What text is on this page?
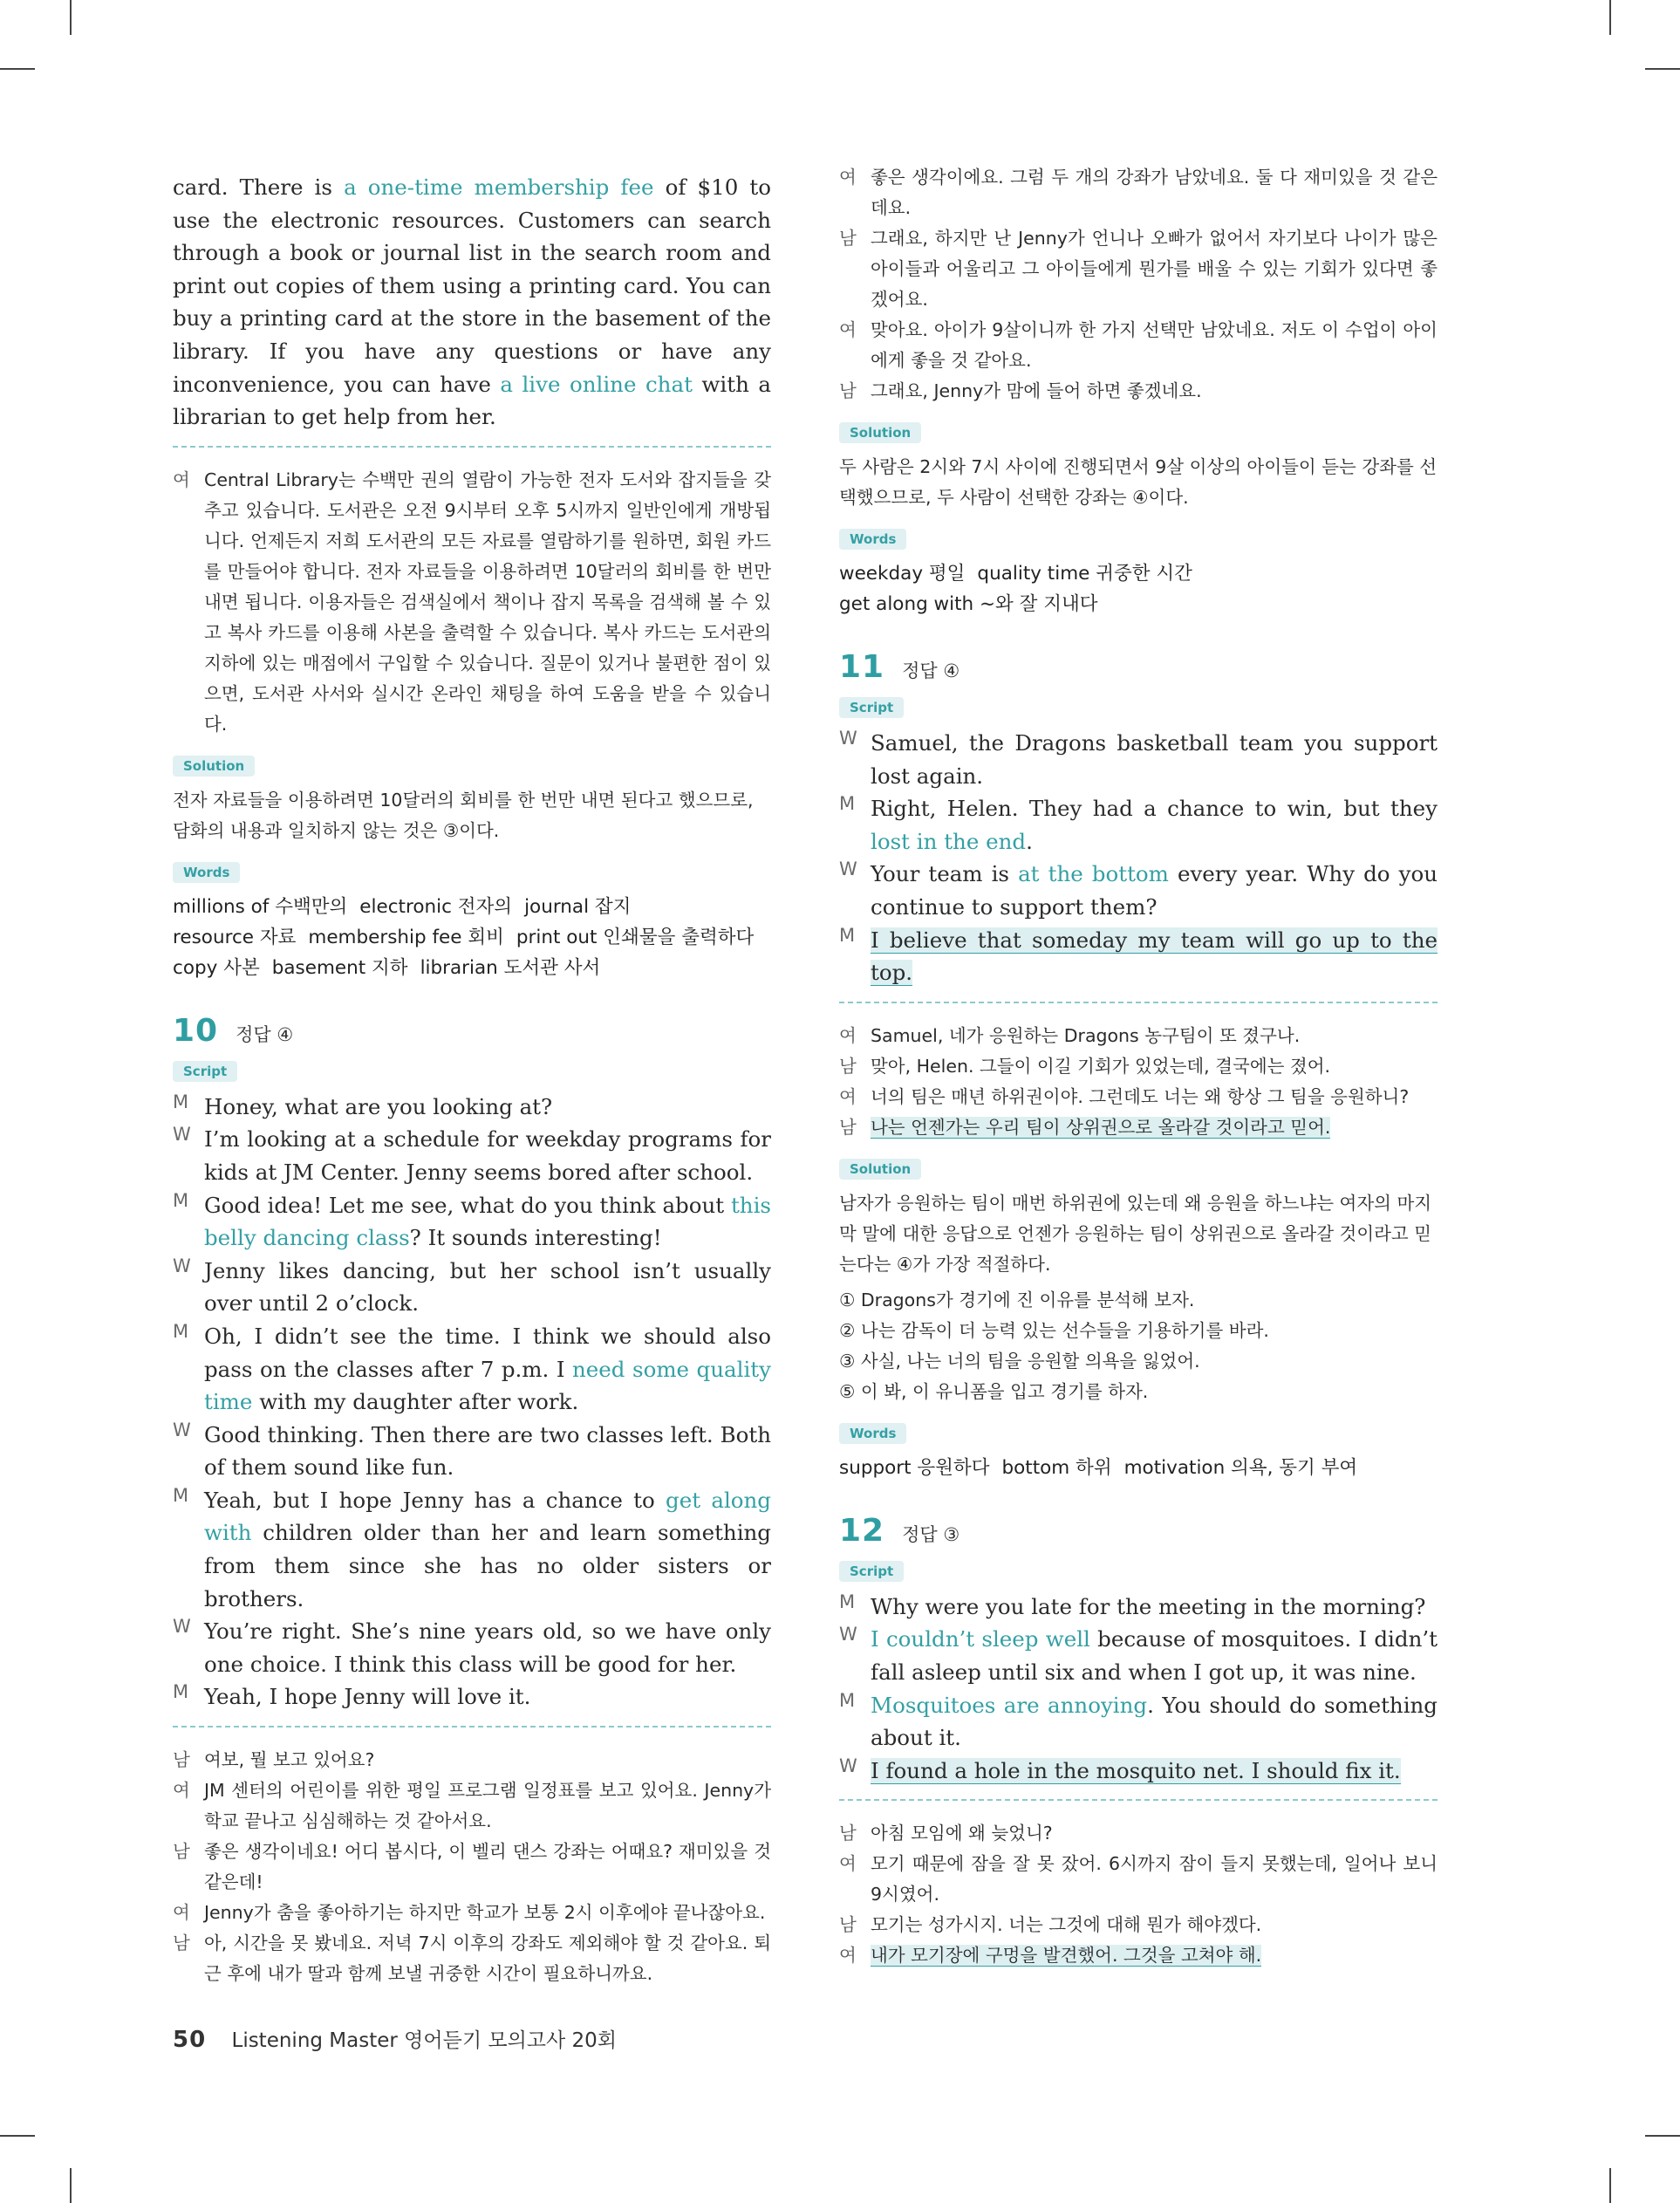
card. There is a one-time membership fee of $10 to use the electronic resources. Customers can search through a book or journal list in the search room and print out copies of them using a printing card. You can buy a printing card at the store in the basement of the library. If you have any questions or have any inconvenience, you can have a live online chat with a librarian to get help from her.

여 Central Library는 수백만 권의 열람이 가능한 전자 도서와 잡지들을 갖추고 있습니다. 도서관은 오전 9시부터 오후 5시까지 일반인에게 개방됩니다. 언제든지 저희 도서관의 모든 자료를 열람하기를 원하면, 회원 카드를 만들어야 합니다. 전자 자료들을 이용하려면 10달러의 회비를 한 번만 내면 됩니다. 이용자들은 검색실에서 책이나 잡지 목록을 검색해 볼 수 있고 복사 카드를 이용해 사본을 출력할 수 있습니다. 복사 카드는 도서관의 지하에 있는 매점에서 구입할 수 있습니다. 질문이 있거나 불편한 점이 있으면, 도서관 사서와 실시간 온라인 채팅을 하여 도움을 받을 수 있습니다.
Solution
전자 자료들을 이용하려면 10달러의 회비를 한 번만 내면 된다고 했으므로, 담화의 내용과 일치하지 않는 것은 ③이다.
Words
millions of 수백만의 electronic 전자의 journal 잡지
resource 자료 membership fee 회비 print out 인쇄물을 출력하다
copy 사본 basement 지하 librarian 도서관 사서
10 정답 ④
Script
M Honey, what are you looking at?
W I’m looking at a schedule for weekday programs for kids at JM Center. Jenny seems bored after school.
M Good idea! Let me see, what do you think about this belly dancing class? It sounds interesting!
W Jenny likes dancing, but her school isn’t usually over until 2 o’clock.
M Oh, I didn’t see the time. I think we should also pass on the classes after 7 p.m. I need some quality time with my daughter after work.
W Good thinking. Then there are two classes left. Both of them sound like fun.
M Yeah, but I hope Jenny has a chance to get along with children older than her and learn something from them since she has no older sisters or brothers.
W You’re right. She’s nine years old, so we have only one choice. I think this class will be good for her.
M Yeah, I hope Jenny will love it.
남 여보, 뭘 보고 있어요?
여 JM 센터의 어린이를 위한 평일 프로그램 일정표를 보고 있어요. Jenny가 학교 끝나고 심심해하는 것 같아서요.
남 좋은 생각이네요! 어디 봅시다, 이 벨리 댄스 강좌는 어때요? 재미있을 것 같은데!
여 Jenny가 춤을 좋아하기는 하지만 학교가 보통 2시 이후에야 끝나잖아요.
남 아, 시간을 못 봤네요. 저녁 7시 이후의 강좌도 제외해야 할 것 같아요. 퇴근 후에 내가 딸과 함께 보낼 귀중한 시간이 필요하니까요.
여 좋은 생각이에요. 그럼 두 개의 강좌가 남았네요. 둘 다 재미있을 것 같은데요.
남 그래요, 하지만 난 Jenny가 언니나 오빠가 없어서 자기보다 나이가 많은 아이들과 어울리고 그 아이들에게 뭔가를 배울 수 있는 기회가 있다면 좋겠어요.
여 맞아요. 아이가 9살이니까 한 가지 선택만 남았네요. 저도 이 수업이 아이에게 좋을 것 같아요.
남 그래요, Jenny가 맘에 들어 하면 좋겠네요.
Solution
두 사람은 2시와 7시 사이에 진행되면서 9살 이상의 아이들이 듣는 강좌를 선택했으므로, 두 사람이 선택한 강좌는 ④이다.
Words
weekday 평일 quality time 귀중한 시간
get along with ~와 잘 지내다
11 정답 ④
Script
W Samuel, the Dragons basketball team you support lost again.
M Right, Helen. They had a chance to win, but they lost in the end.
W Your team is at the bottom every year. Why do you continue to support them?
M I believe that someday my team will go up to the top.
여 Samuel, 네가 응원하는 Dragons 농구팀이 또 졌구나.
남 맞아, Helen. 그들이 이길 기회가 있었는데, 결국에는 졌어.
여 너의 팀은 매년 하위권이야. 그런데도 너는 왜 항상 그 팀을 응원하니?
남 나는 언젠가는 우리 팀이 상위권으로 올라갈 것이라고 믿어.
Solution
남자가 응원하는 팀이 매번 하위권에 있는데 왜 응원을 하느냐는 여자의 마지막 말에 대한 응답으로 언젠가 응원하는 팀이 상위권으로 올라갈 것이라고 믿는다는 ④가 가장 적절하다.
① Dragons가 경기에 진 이유를 분석해 보자.
② 나는 감독이 더 능력 있는 선수들을 기용하기를 바라.
③ 사실, 나는 너의 팀을 응원할 의욕을 잃었어.
⑤ 이 봐, 이 유니폼을 입고 경기를 하자.
Words
support 응원하다 bottom 하위 motivation 의욕, 동기 부여
12 정답 ③
Script
M Why were you late for the meeting in the morning?
W I couldn’t sleep well because of mosquitoes. I didn’t fall asleep until six and when I got up, it was nine.
M Mosquitoes are annoying. You should do something about it.
W I found a hole in the mosquito net. I should fix it.
남 아침 모임에 왜 늦었니?
여 모기 때문에 잠을 잘 못 잤어. 6시까지 잠이 들지 못했는데, 일어나 보니 9시였어.
남 모기는 성가시지. 너는 그것에 대해 뭔가 해야겠다.
여 내가 모기장에 구멍을 발견했어. 그것을 고쳐야 해.
50 Listening Master 영어듣기 모의고사 20회
